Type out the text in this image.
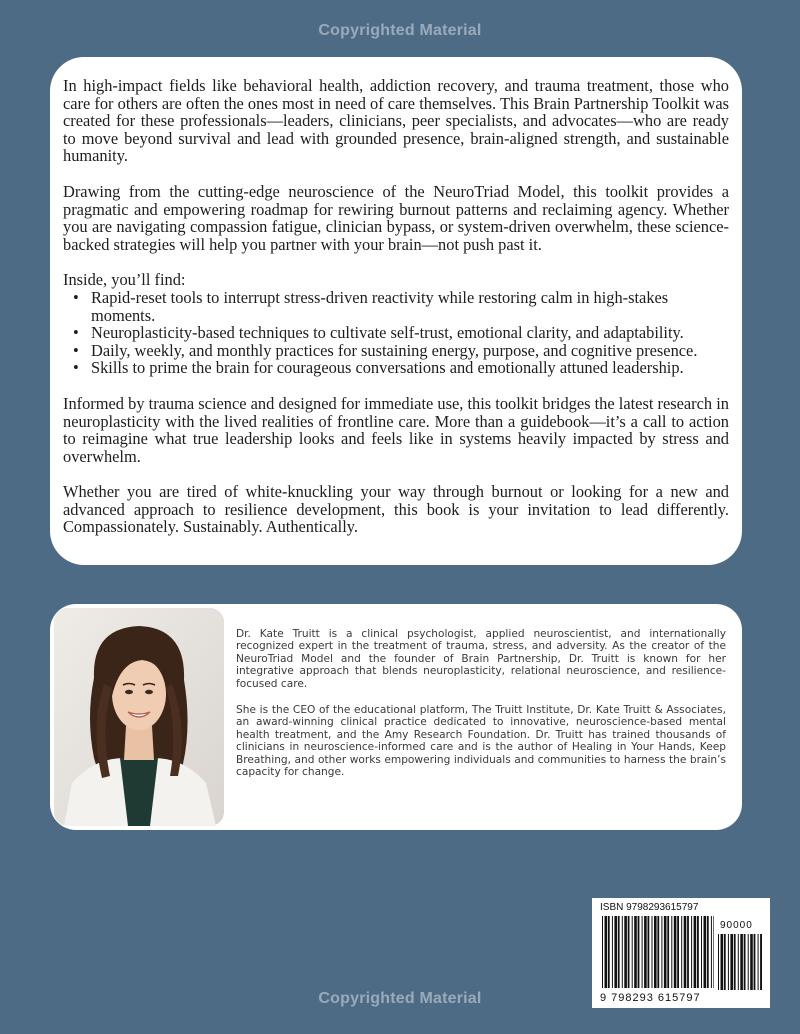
Copyrighted Material

In high-impact fields like behavioral health, addiction recovery, and trauma treatment, those who care for others are often the ones most in need of care themselves. This Brain Partnership Toolkit was created for these professionals—leaders, clinicians, peer specialists, and advocates—who are ready to move beyond survival and lead with grounded presence, brain-aligned strength, and sustainable humanity.

Drawing from the cutting-edge neuroscience of the NeuroTriad Model, this toolkit provides a pragmatic and empowering roadmap for rewiring burnout patterns and reclaiming agency. Whether you are navigating compassion fatigue, clinician bypass, or system-driven overwhelm, these science-backed strategies will help you partner with your brain—not push past it.

Inside, you’ll find:

• Rapid-reset tools to interrupt stress-driven reactivity while restoring calm in high-stakes moments.
• Neuroplasticity-based techniques to cultivate self-trust, emotional clarity, and adaptability.
• Daily, weekly, and monthly practices for sustaining energy, purpose, and cognitive presence.
• Skills to prime the brain for courageous conversations and emotionally attuned leadership.

Informed by trauma science and designed for immediate use, this toolkit bridges the latest research in neuroplasticity with the lived realities of frontline care. More than a guidebook—it’s a call to action to reimagine what true leadership looks and feels like in systems heavily impacted by stress and overwhelm.

Whether you are tired of white-knuckling your way through burnout or looking for a new and advanced approach to resilience development, this book is your invitation to lead differently. Compassionately. Sustainably. Authentically.

Dr. Kate Truitt is a clinical psychologist, applied neuroscientist, and internationally recognized expert in the treatment of trauma, stress, and adversity. As the creator of the NeuroTriad Model and the founder of Brain Partnership, Dr. Truitt is known for her integrative approach that blends neuroplasticity, relational neuroscience, and resilience-focused care.

She is the CEO of the educational platform, The Truitt Institute, Dr. Kate Truitt & Associates, an award-winning clinical practice dedicated to innovative, neuroscience-based mental health treatment, and the Amy Research Foundation. Dr. Truitt has trained thousands of clinicians in neuroscience-informed care and is the author of Healing in Your Hands, Keep Breathing, and other works empowering individuals and communities to harness the brain’s capacity for change.

ISBN 9798293615797
90000
9 798293 615797
Copyrighted Material
